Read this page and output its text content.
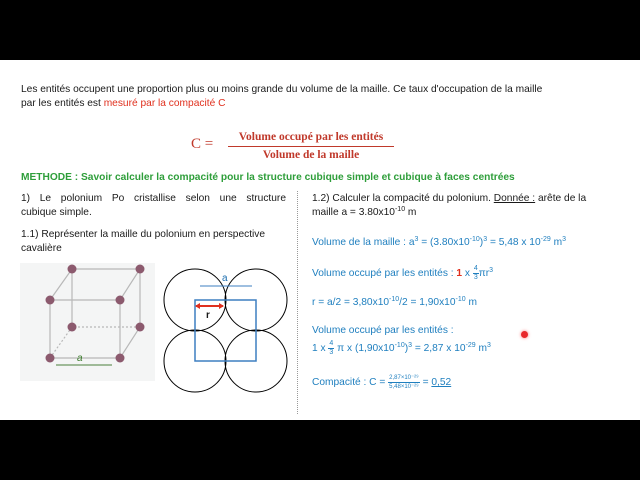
Les entités occupent une proportion plus ou moins grande du volume de la maille. Ce taux d'occupation de la maille
par les entités est mesuré par la compacité C
C =	Volume occupé par les entités
Volume de la maille
METHODE : Savoir calculer la compacité pour la structure cubique simple et cubique à faces centrées
1) Le polonium Po cristallise selon une structure
cubique simple.
1.1) Représenter la maille du polonium en perspective
cavalière
a
a
r
1.2) Calculer la compacité du polonium. Donnée : arête de la
maille $a = 3.80x10^{-10}$ m
Volume de la maille : $a^3 = (3.80x10^{-10})^3 = 5,48$ x $10^{-29}$ $m^3$
Volume occupé par les entités : 1 x $\frac{4}{3} \pi r^3$
$r = a/2 = 3,80x10^{-10}/2 = 1,90x10^{-10}$ m
Volume occupé par les entités :
1 x $\frac{4}{3}$ π x $(1,90x10^{-10})^3 = 2,87$ x $10^{-29}$ $m^3$
Compacité : $C = \frac{\text{2,87×10⁻²⁹}}{\text{5,48×10⁻²⁹}} = 0,52$
